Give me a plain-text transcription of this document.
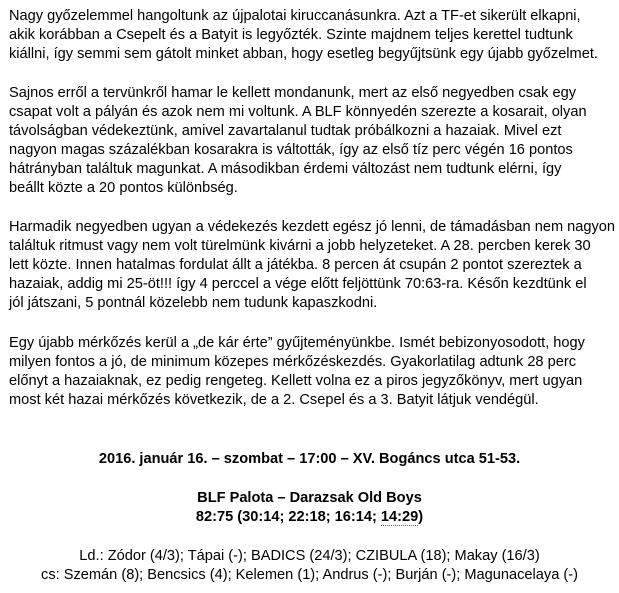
Nagy győzelemmel hangoltunk az újpalotai kiruccanásunkra. Azt a TF-et sikerült elkapni,
akik korábban a Csepelt és a Batyit is legyőzték. Szinte majdnem teljes kerettel tudtunk
kiállni, így semmi sem gátolt minket abban, hogy esetleg begyűjtsünk egy újabb győzelmet.
Sajnos erről a tervünkről hamar le kellett mondanunk, mert az első negyedben csak egy
csapat volt a pályán és azok nem mi voltunk. A BLF könnyedén szerezte a kosarait, olyan
távolságban védekeztünk, amivel zavartalanul tudtak próbálkozni a hazaiak. Mivel ezt
nagyon magas százalékban kosarakra is váltották, így az első tíz perc végén 16 pontos
hátrányban találtuk magunkat. A másodikban érdemi változást nem tudtunk elérni, így
beállt közte a 20 pontos különbség.
Harmadik negyedben ugyan a védekezés kezdett egész jó lenni, de támadásban nem nagyon
találtuk ritmust vagy nem volt türelmünk kivárni a jobb helyzeteket. A 28. percben kerek 30
lett közte. Innen hatalmas fordulat állt a játékba. 8 percen át csupán 2 pontot szereztek a
hazaiak, addig mi 25-öt!!! így 4 perccel a vége előtt feljöttünk 70:63-ra. Későn kezdtünk el
jól játszani, 5 pontnál közelebb nem tudunk kapaszkodni.
Egy újabb mérkőzés kerül a „de kár érte” gyűjteményünkbe. Ismét bebizonyosodott, hogy
milyen fontos a jó, de minimum közepes mérkőzéskezdés. Gyakorlatilag adtunk 28 perc
előnyt a hazaiaknak, ez pedig rengeteg. Kellett volna ez a piros jegyzőkönyv, mert ugyan
most két hazai mérkőzés következik, de a 2. Csepel és a 3. Batyit látjuk vendégül.

2016. január 16. – szombat – 17:00 – XV. Bogáncs utca 51-53.

BLF Palota – Darazsak Old Boys

82:75 (30:14; 22:18; 16:14; 14:29)

Ld.: Zódor (4/3); Tápai (-); BADICS (24/3); CZIBULA (18); Makay (16/3)

cs: Szemán (8); Bencsics (4); Kelemen (1); Andrus (-); Burján (-); Magunacelaya (-)
